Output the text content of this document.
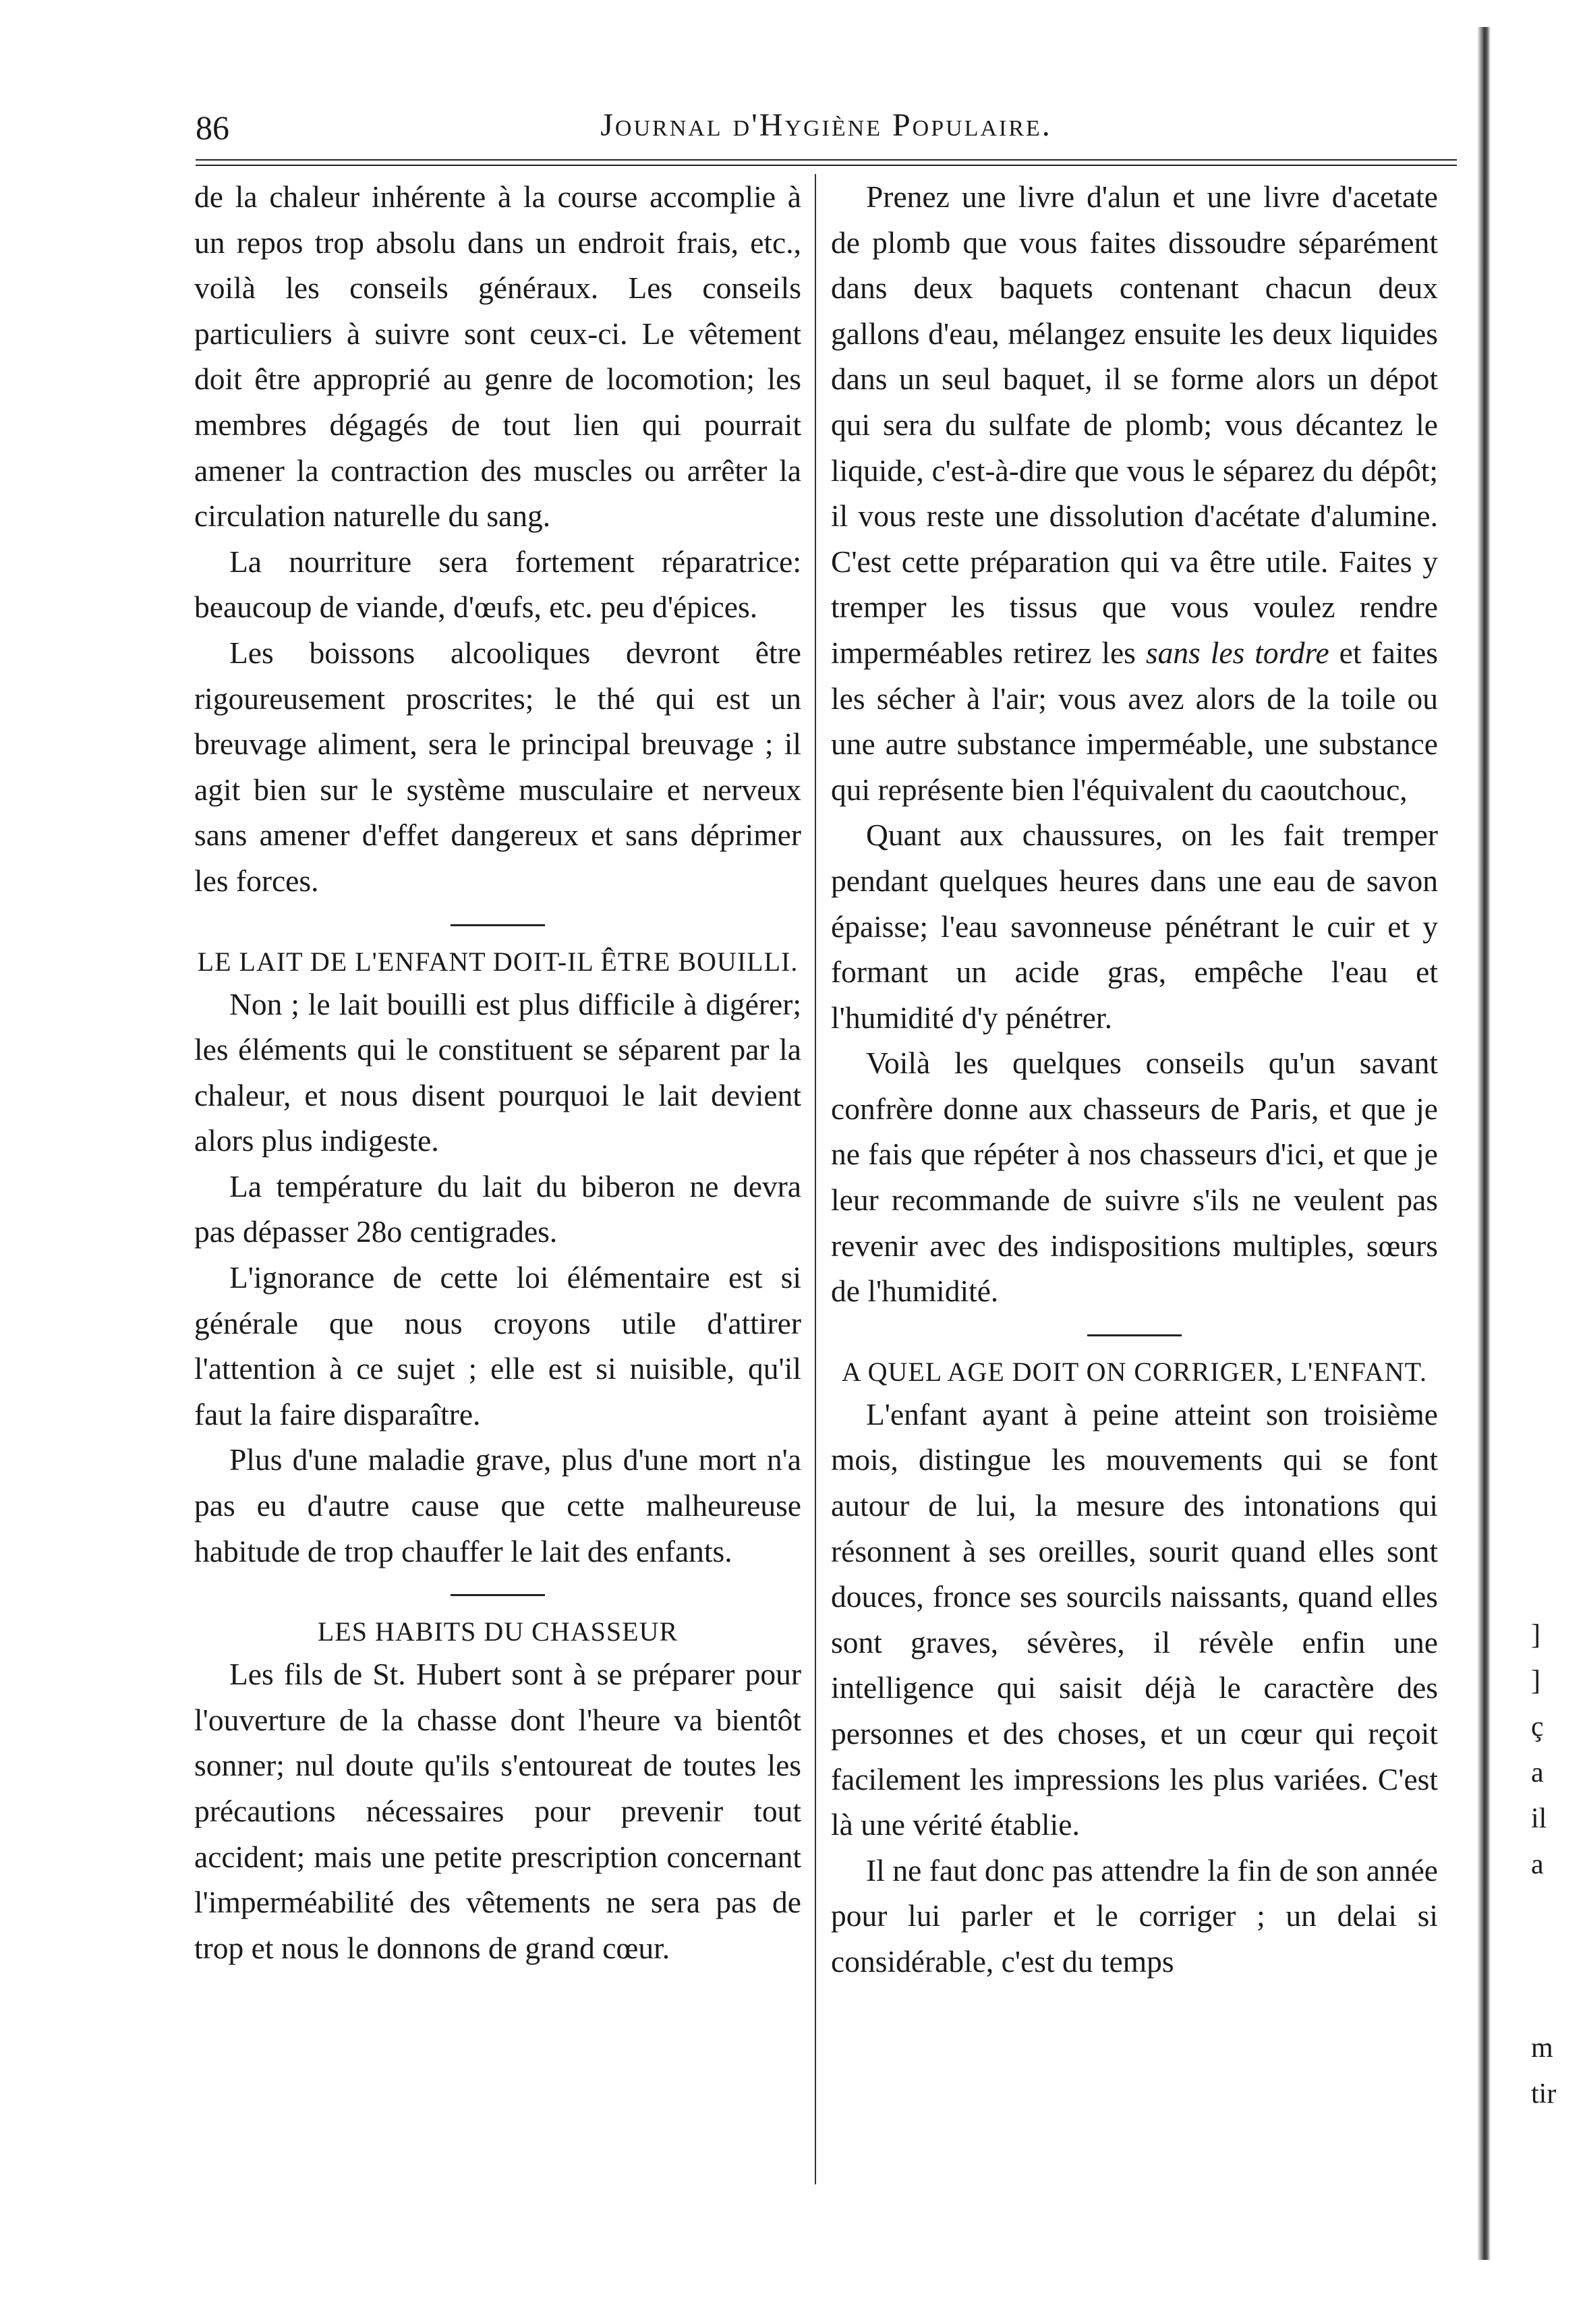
86	Journal d'Hygiène Populaire.

de la chaleur inhérente à la course accomplie à un repos trop absolu dans un endroit frais, etc., voilà les conseils généraux. Les conseils particuliers à suivre sont ceux-ci. Le vêtement doit être approprié au genre de locomotion; les membres dégagés de tout lien qui pourrait amener la contraction des muscles ou arrêter la circulation naturelle du sang.

La nourriture sera fortement réparatrice: beaucoup de viande, d'œufs, etc. peu d'épices.

Les boissons alcooliques devront être rigoureusement proscrites; le thé qui est un breuvage aliment, sera le principal breuvage ; il agit bien sur le système musculaire et nerveux sans amener d'effet dangereux et sans déprimer les forces.

LE LAIT DE L'ENFANT DOIT-IL ÊTRE BOUILLI.

Non ; le lait bouilli est plus difficile à digérer; les éléments qui le constituent se séparent par la chaleur, et nous disent pourquoi le lait devient alors plus indigeste.

La température du lait du biberon ne devra pas dépasser 28o centigrades.

L'ignorance de cette loi élémentaire est si générale que nous croyons utile d'attirer l'attention à ce sujet ; elle est si nuisible, qu'il faut la faire disparaître.

Plus d'une maladie grave, plus d'une mort n'a pas eu d'autre cause que cette malheureuse habitude de trop chauffer le lait des enfants.

LES HABITS DU CHASSEUR

Les fils de St. Hubert sont à se préparer pour l'ouverture de la chasse dont l'heure va bientôt sonner; nul doute qu'ils s'entoureat de toutes les précautions nécessaires pour prevenir tout accident; mais une petite prescription concernant l'imperméabilité des vêtements ne sera pas de trop et nous le donnons de grand cœur.

Prenez une livre d'alun et une livre d'acetate de plomb que vous faites dissoudre séparément dans deux baquets contenant chacun deux gallons d'eau, mélangez ensuite les deux liquides dans un seul baquet, il se forme alors un dépot qui sera du sulfate de plomb; vous décantez le liquide, c'est-à-dire que vous le séparez du dépôt; il vous reste une dissolution d'acétate d'alumine. C'est cette préparation qui va être utile. Faites y tremper les tissus que vous voulez rendre imperméables retirez les sans les tordre et faites les sécher à l'air; vous avez alors de la toile ou une autre substance imperméable, une substance qui représente bien l'équivalent du caoutchouc,

Quant aux chaussures, on les fait tremper pendant quelques heures dans une eau de savon épaisse; l'eau savonneuse pénétrant le cuir et y formant un acide gras, empêche l'eau et l'humidité d'y pénétrer.

Voilà les quelques conseils qu'un savant confrère donne aux chasseurs de Paris, et que je ne fais que répéter à nos chasseurs d'ici, et que je leur recommande de suivre s'ils ne veulent pas revenir avec des indispositions multiples, sœurs de l'humidité.

A QUEL AGE DOIT ON CORRIGER, L'ENFANT.

L'enfant ayant à peine atteint son troisième mois, distingue les mouvements qui se font autour de lui, la mesure des intonations qui résonnent à ses oreilles, sourit quand elles sont douces, fronce ses sourcils naissants, quand elles sont graves, sévères, il révèle enfin une intelligence qui saisit déjà le caractère des personnes et des choses, et un cœur qui reçoit facilement les impressions les plus variées. C'est là une vérité établie.

Il ne faut donc pas attendre la fin de son année pour lui parler et le corriger ; un delai si considérable, c'est du temps

]
]
ç
a
il
a
m
tir
